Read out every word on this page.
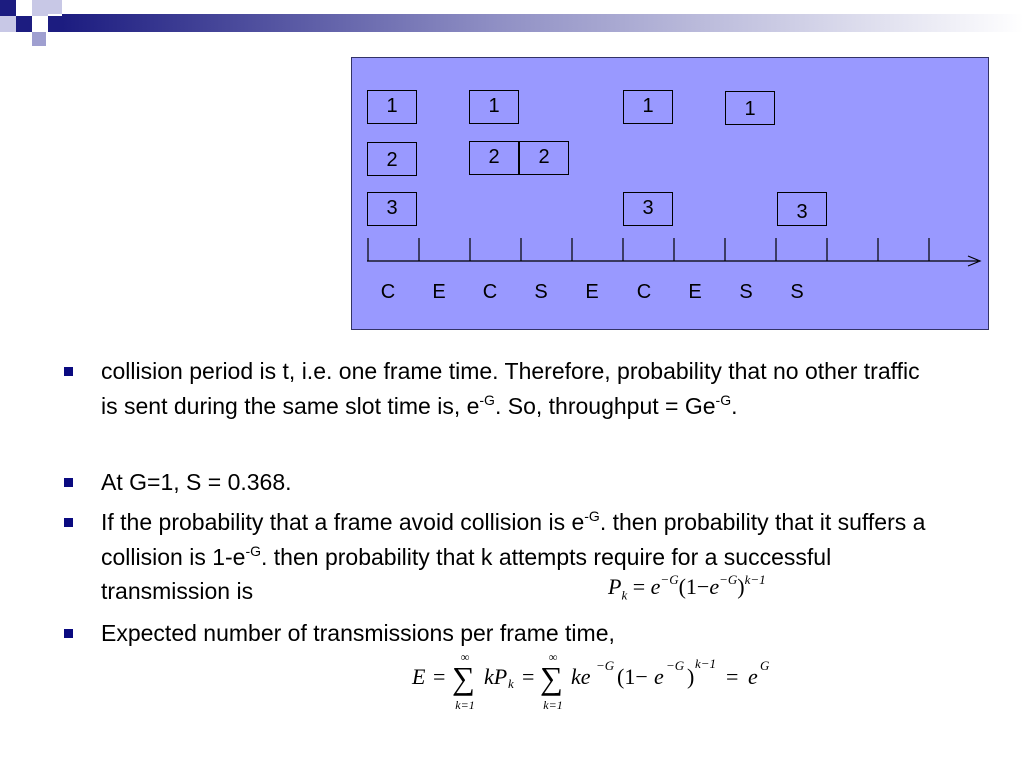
1	1	1	1
2	2	2
3	3	3
C	E	C	S	E	C	E	S	S
collision period is t, i.e. one frame time. Therefore, probability that no other traffic is sent during the same slot time is, $e^{-G}$. So, throughput = $Ge^{-G}$.
At G=1, S = 0.368.
If the probability that a frame avoid collision is $e^{-G}$. then probability that it suffers a collision is $1-e^{-G}$. then probability that k attempts require for a successful transmission is	$P_k = e^{-G}(1-e^{-G})^{k-1}$
Expected number of transmissions per frame time,
E =
∞
∑
k=1
kP k =
∞
∑
k=1
ke −G (1− e −G )
k−1
= e G
